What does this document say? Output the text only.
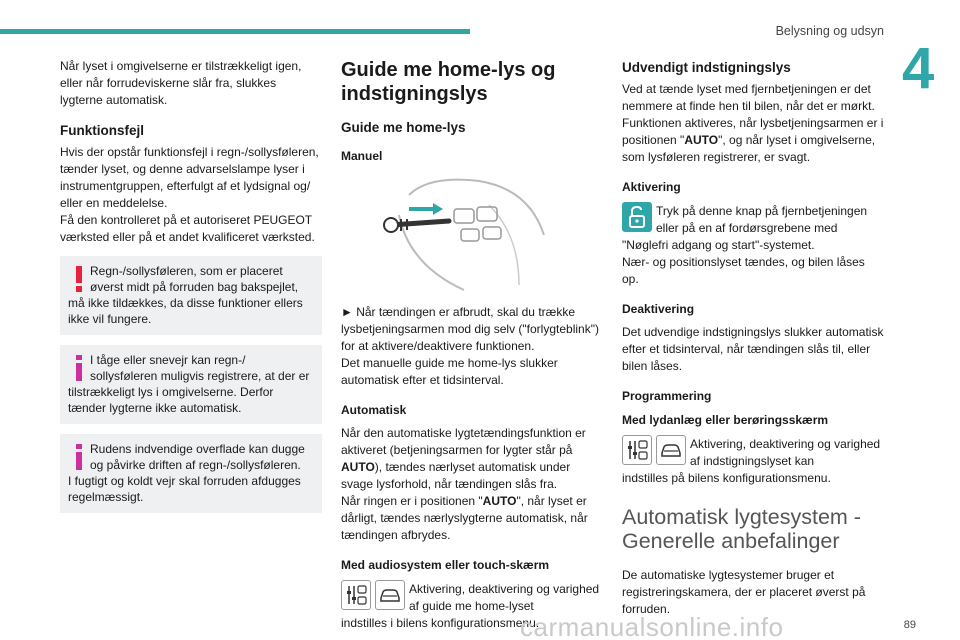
Belysning og udsyn
4
89

Når lyset i omgivelserne er tilstrækkeligt igen, eller når forrudeviskerne slår fra, slukkes lygterne automatisk.

Funktionsfejl

Hvis der opstår funktionsfejl i regn-/sollysføleren, tænder lyset, og denne advarselslampe lyser i instrumentgruppen, efterfulgt af et lydsignal og/ eller en meddelelse.

Få den kontrolleret på et autoriseret PEUGEOT værksted eller på et andet kvalificeret værksted.

Regn-/sollysføleren, som er placeret øverst midt på forruden bag bakspejlet,

må ikke tildækkes, da disse funktioner ellers ikke vil fungere.

I tåge eller snevejr kan regn-/ sollysføleren muligvis registrere, at der er

tilstrækkeligt lys i omgivelserne. Derfor tænder lygterne ikke automatisk.

Rudens indvendige overflade kan dugge og påvirke driften af regn-/sollysføleren.

I fugtigt og koldt vejr skal forruden afdugges regelmæssigt.

Guide me home-lys og indstigningslys
Guide me home-lys
Manuel

► Når tændingen er afbrudt, skal du trække lysbetjeningsarmen mod dig selv ("forlygteblink") for at aktivere/deaktivere funktionen.

Det manuelle guide me home-lys slukker automatisk efter et tidsinterval.

Automatisk

Når den automatiske lygtetændingsfunktion er aktiveret (betjeningsarmen for lygter står på AUTO), tændes nærlyset automatisk under svage lysforhold, når tændingen slås fra.

Når ringen er i positionen "AUTO", når lyset er dårligt, tændes nærlyslygterne automatisk, når tændingen afbrydes.

Med audiosystem eller touch-skærm

Aktivering, deaktivering og varighed af guide me home-lyset

indstilles i bilens konfigurationsmenu.

Udvendigt indstigningslys

Ved at tænde lyset med fjernbetjeningen er det nemmere at finde hen til bilen, når det er mørkt. Funktionen aktiveres, når lysbetjeningsarmen er i positionen "AUTO", og når lyset i omgivelserne, som lysføleren registrerer, er svagt.

Aktivering

Tryk på denne knap på fjernbetjeningen eller på en af fordørsgrebene med

"Nøglefri adgang og start"-systemet.

Nær- og positionslyset tændes, og bilen låses op.

Deaktivering

Det udvendige indstigningslys slukker automatisk efter et tidsinterval, når tændingen slås til, eller bilen låses.

Programmering
Med lydanlæg eller berøringsskærm

Aktivering, deaktivering og varighed af indstigningslyset kan

indstilles på bilens konfigurationsmenu.

Automatisk lygtesystem - Generelle anbefalinger

De automatiske lygtesystemer bruger et registreringskamera, der er placeret øverst på forruden.

carmanualsonline.info
